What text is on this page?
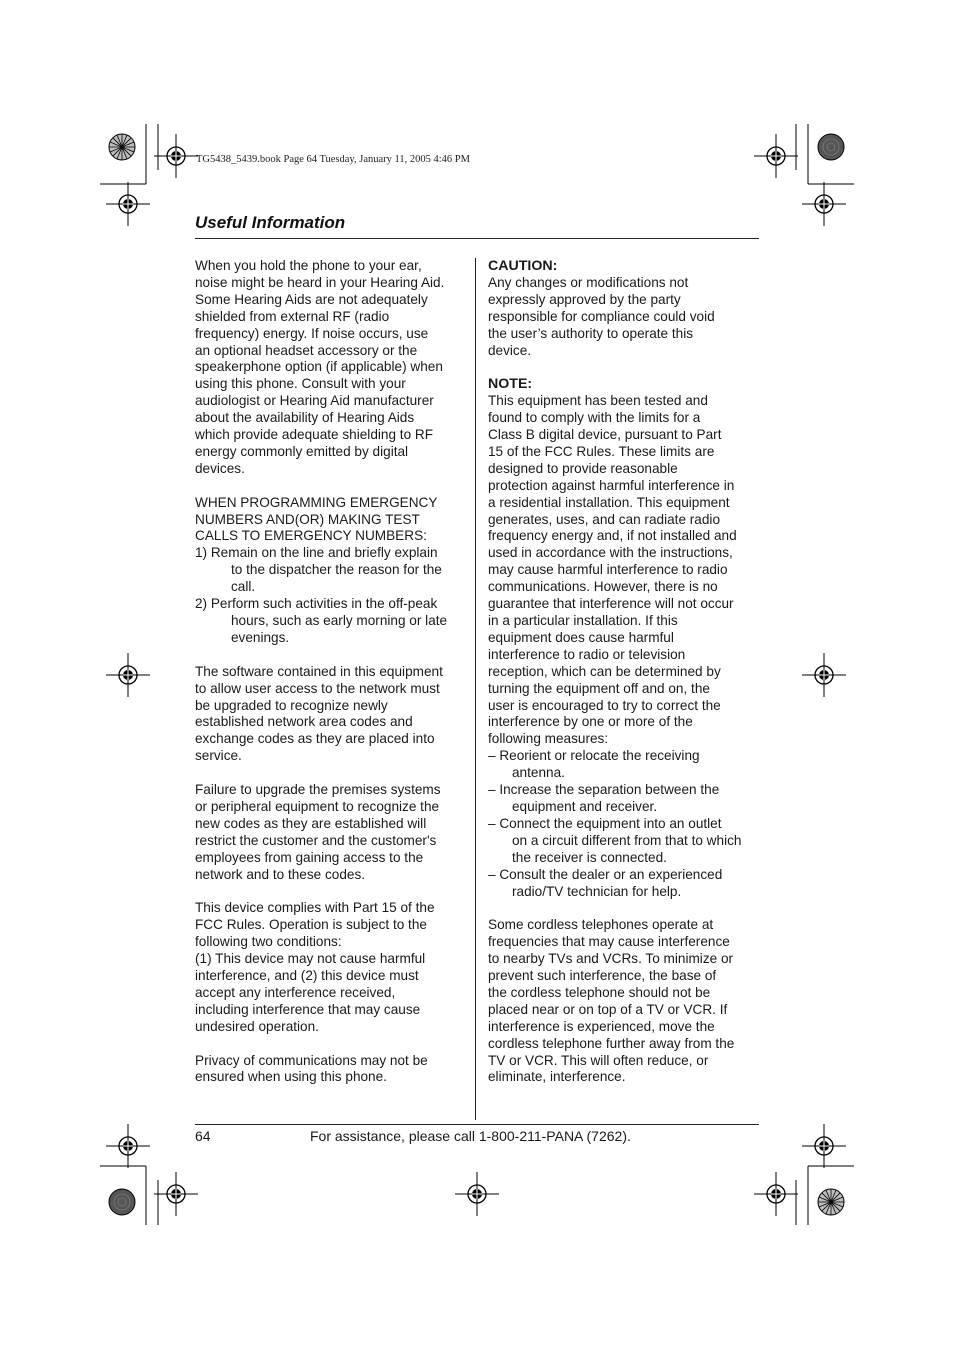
TG5438_5439.book Page 64 Tuesday, January 11, 2005 4:46 PM
Useful Information

When you hold the phone to your ear,

noise might be heard in your Hearing Aid.

Some Hearing Aids are not adequately

shielded from external RF (radio

frequency) energy. If noise occurs, use

an optional headset accessory or the

speakerphone option (if applicable) when

using this phone. Consult with your

audiologist or Hearing Aid manufacturer

about the availability of Hearing Aids

which provide adequate shielding to RF

energy commonly emitted by digital

devices.

WHEN PROGRAMMING EMERGENCY

NUMBERS AND(OR) MAKING TEST

CALLS TO EMERGENCY NUMBERS:

1) Remain on the line and briefly explain

to the dispatcher the reason for the

call.

2) Perform such activities in the off-peak

hours, such as early morning or late

evenings.

The software contained in this equipment

to allow user access to the network must

be upgraded to recognize newly

established network area codes and

exchange codes as they are placed into

service.

Failure to upgrade the premises systems

or peripheral equipment to recognize the

new codes as they are established will

restrict the customer and the customer's

employees from gaining access to the

network and to these codes.

This device complies with Part 15 of the

FCC Rules. Operation is subject to the

following two conditions:

(1) This device may not cause harmful

interference, and (2) this device must

accept any interference received,

including interference that may cause

undesired operation.

Privacy of communications may not be

ensured when using this phone.

CAUTION:

Any changes or modifications not

expressly approved by the party

responsible for compliance could void

the user’s authority to operate this

device.

NOTE:

This equipment has been tested and

found to comply with the limits for a

Class B digital device, pursuant to Part

15 of the FCC Rules. These limits are

designed to provide reasonable

protection against harmful interference in

a residential installation. This equipment

generates, uses, and can radiate radio

frequency energy and, if not installed and

used in accordance with the instructions,

may cause harmful interference to radio

communications. However, there is no

guarantee that interference will not occur

in a particular installation. If this

equipment does cause harmful

interference to radio or television

reception, which can be determined by

turning the equipment off and on, the

user is encouraged to try to correct the

interference by one or more of the

following measures:

– Reorient or relocate the receiving

antenna.

– Increase the separation between the

equipment and receiver.

– Connect the equipment into an outlet

on a circuit different from that to which

the receiver is connected.

– Consult the dealer or an experienced

radio/TV technician for help.

Some cordless telephones operate at

frequencies that may cause interference

to nearby TVs and VCRs. To minimize or

prevent such interference, the base of

the cordless telephone should not be

placed near or on top of a TV or VCR. If

interference is experienced, move the

cordless telephone further away from the

TV or VCR. This will often reduce, or

eliminate, interference.

64	For assistance, please call 1-800-211-PANA (7262).
